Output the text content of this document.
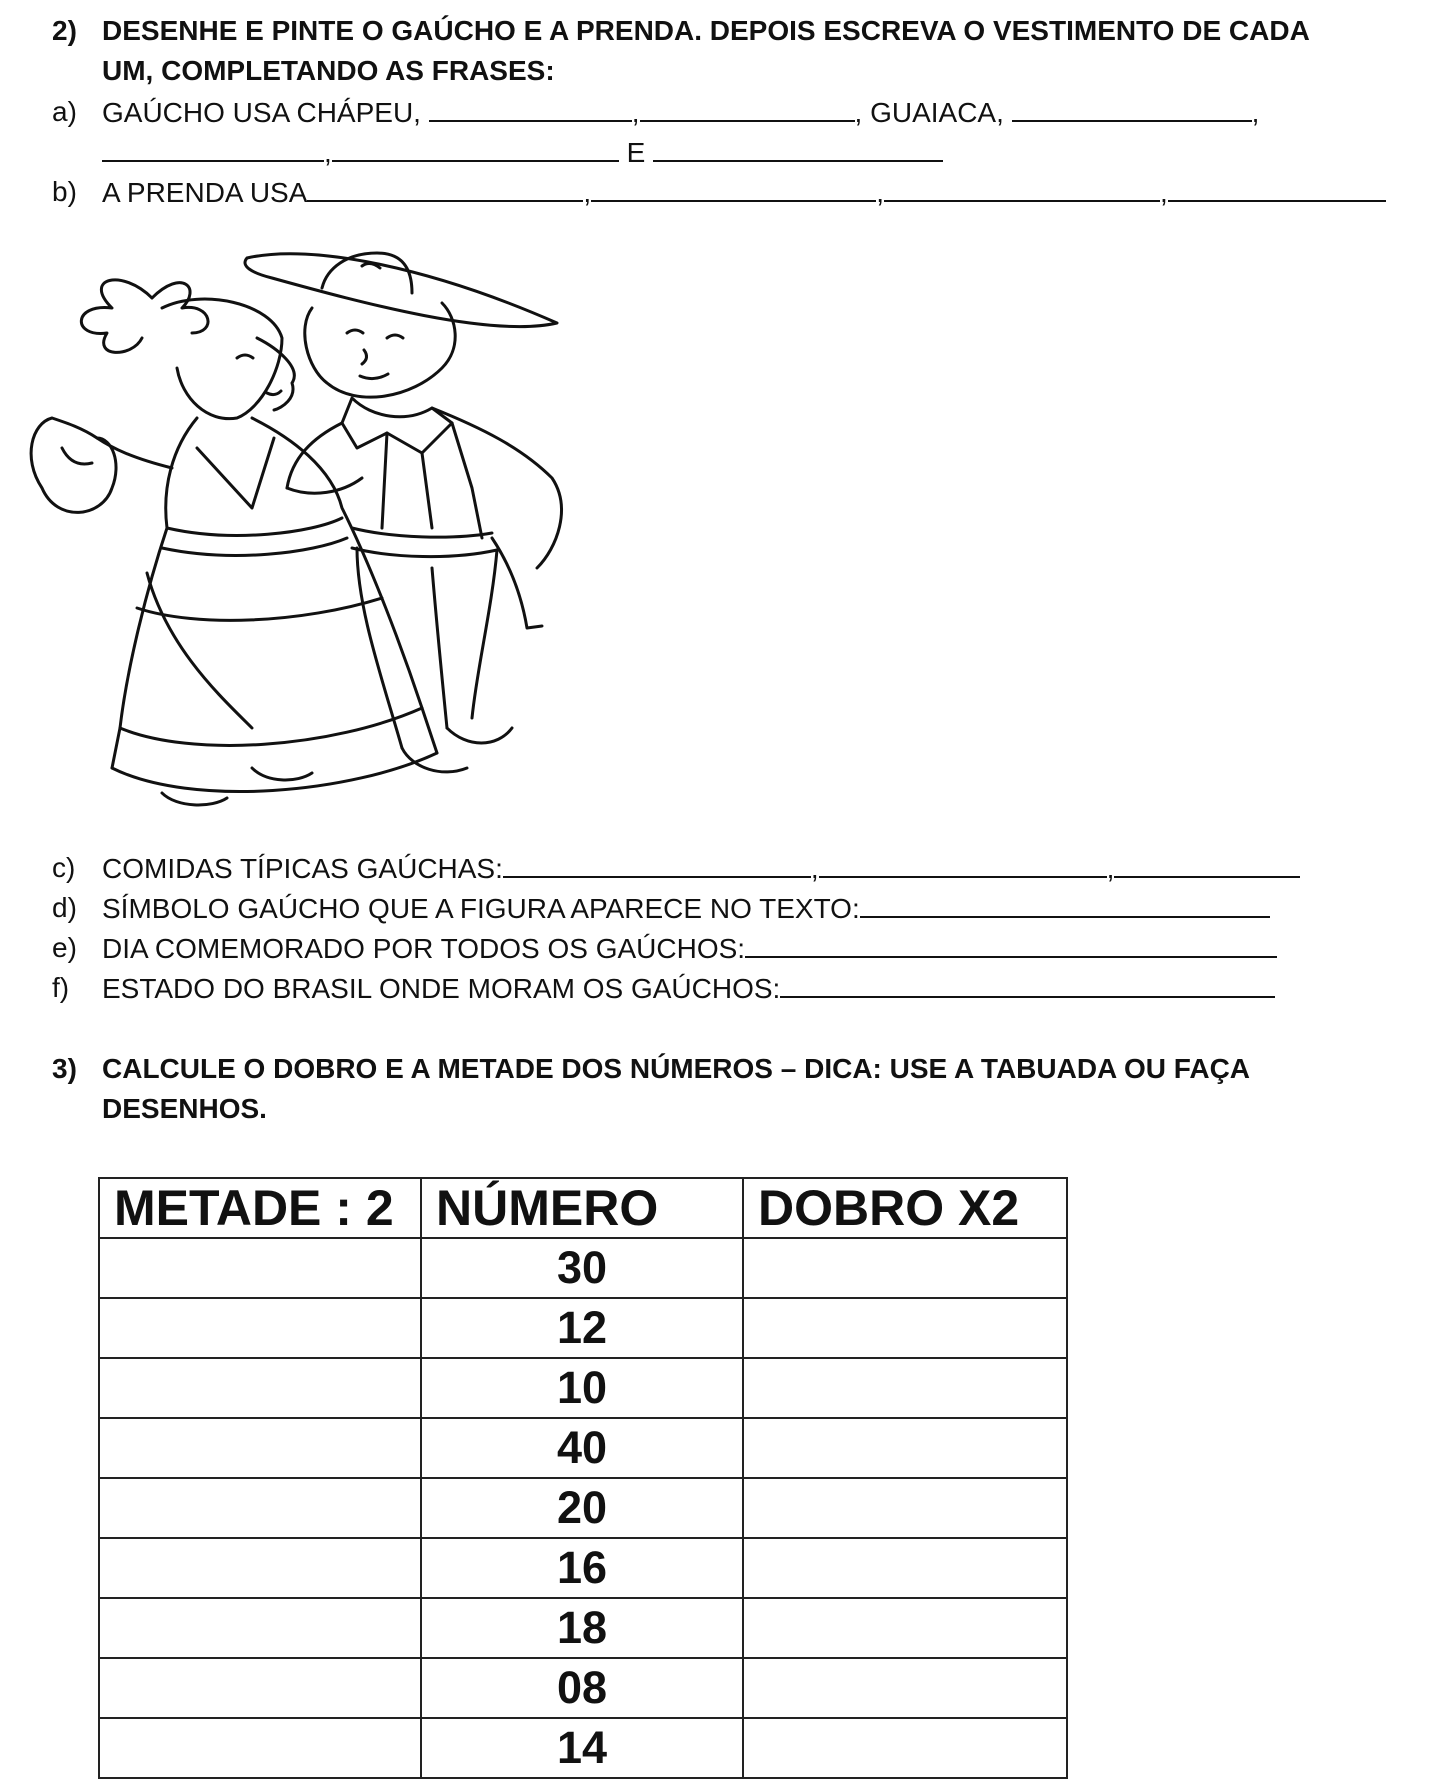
2) DESENHE E PINTE O GAÚCHO E A PRENDA. DEPOIS ESCREVA O VESTIMENTO DE CADA
UM, COMPLETANDO AS FRASES:
a) GAÚCHO USA CHÁPEU,	,	, GUAIACA,	,
,	E
b) A PRENDA USA	,	,	,
c) COMIDAS TÍPICAS GAÚCHAS:	,	,
d) SÍMBOLO GAÚCHO QUE A FIGURA APARECE NO TEXTO:
e) DIA COMEMORADO POR TODOS OS GAÚCHOS:
f) ESTADO DO BRASIL ONDE MORAM OS GAÚCHOS:
3) CALCULE O DOBRO E A METADE DOS NÚMEROS – DICA: USE A TABUADA OU FAÇA
DESENHOS.
METADE : 2	NÚMERO	DOBRO X2
	30	
	12	
	10	
	40	
	20	
	16	
	18	
	08	
	14	
